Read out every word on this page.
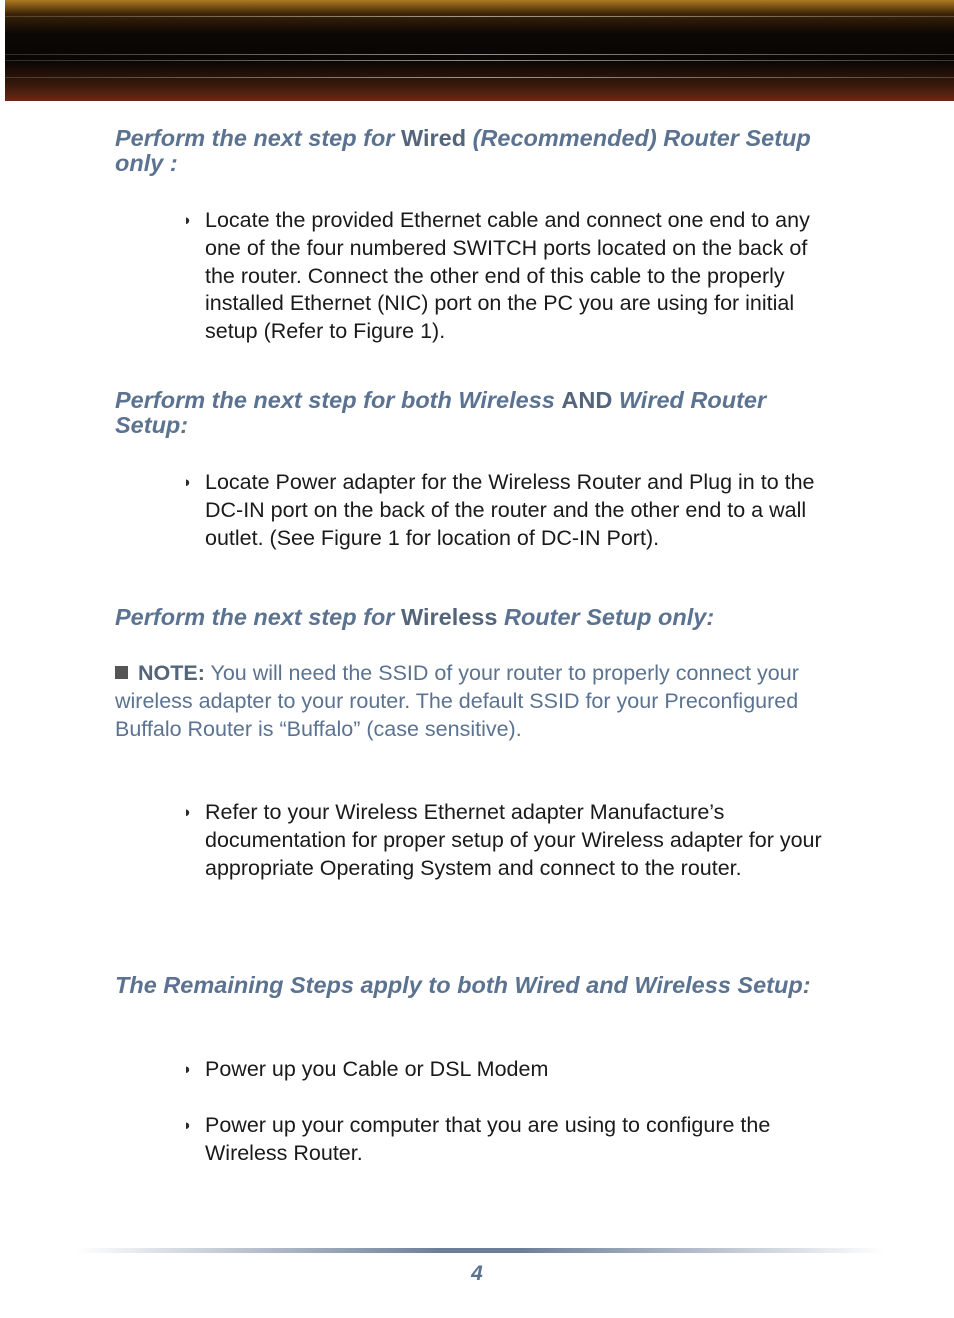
Perform the next step for Wired (Recommended) Router Setup only :
◗ Locate the provided Ethernet cable and connect one end to any one of the four numbered SWITCH ports located on the back of the router. Connect the other end of this cable to the properly installed Ethernet (NIC) port on the PC you are using for initial setup (Refer to Figure 1).
Perform the next step for both Wireless AND Wired Router Setup:
◗ Locate Power adapter for the Wireless Router and Plug in to the DC-IN port on the back of the router and the other end to a wall outlet. (See Figure 1 for location of DC-IN Port).
Perform the next step for Wireless Router Setup only:
NOTE: You will need the SSID of your router to properly connect your wireless adapter to your router. The default SSID for your Preconfigured Buffalo Router is “Buffalo” (case sensitive).
◗ Refer to your Wireless Ethernet adapter Manufacture’s documentation for proper setup of your Wireless adapter for your appropriate Operating System and connect to the router.
The Remaining Steps apply to both Wired and Wireless Setup:
◗ Power up you Cable or DSL Modem
◗ Power up your computer that you are using to configure the Wireless Router.
4
